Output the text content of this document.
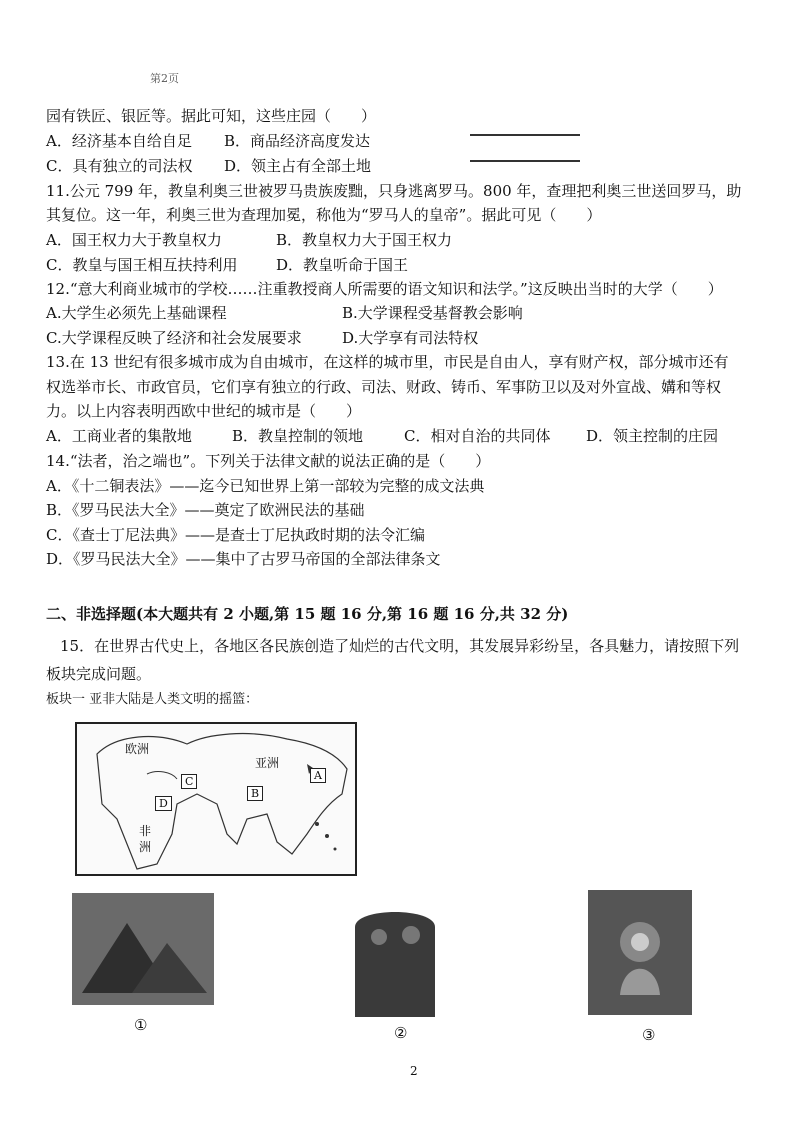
第2页
园有铁匠、银匠等。据此可知，这些庄园（　　）
A．经济基本自给自足 B．商品经济高度发达
C．具有独立的司法权 D．领主占有全部土地
11.公元 799 年，教皇利奥三世被罗马贵族废黜，只身逃离罗马。800 年，查理把利奥三世送回罗马，助
其复位。这一年，利奥三世为查理加冕，称他为“罗马人的皇帝”。据此可见（　　）
A．国王权力大于教皇权力	B．教皇权力大于国王权力
C．教皇与国王相互扶持利用	D．教皇听命于国王
12.“意大利商业城市的学校……注重教授商人所需要的语文知识和法学。”这反映出当时的大学（　　）
A.大学生必须先上基础课程	B.大学课程受基督教会影响
C.大学课程反映了经济和社会发展要求	D.大学享有司法特权
13.在 13 世纪有很多城市成为自由城市，在这样的城市里，市民是自由人，享有财产权，部分城市还有
权选举市长、市政官员，它们享有独立的行政、司法、财政、铸币、军事防卫以及对外宣战、媾和等权
力。以上内容表明西欧中世纪的城市是（　　）
A．工商业者的集散地	B．教皇控制的领地	C．相对自治的共同体 D．领主控制的庄园
14.“法者，治之端也”。下列关于法律文献的说法正确的是（　　）
A．《十二铜表法》——迄今已知世界上第一部较为完整的成文法典
B．《罗马民法大全》——奠定了欧洲民法的基础
C．《查士丁尼法典》——是查士丁尼执政时期的法令汇编
D．《罗马民法大全》——集中了古罗马帝国的全部法律条文
二、非选择题(本大题共有 2 小题,第 15 题 16 分,第 16 题 16 分,共 32 分)
15．在世界古代史上，各地区各民族创造了灿烂的古代文明，其发展异彩纷呈，各具魅力，请按照下列
板块完成问题。
板块一 亚非大陆是人类文明的摇篮：
欧洲
亚洲
非
洲
A
B
C
D
①	②	③
2
